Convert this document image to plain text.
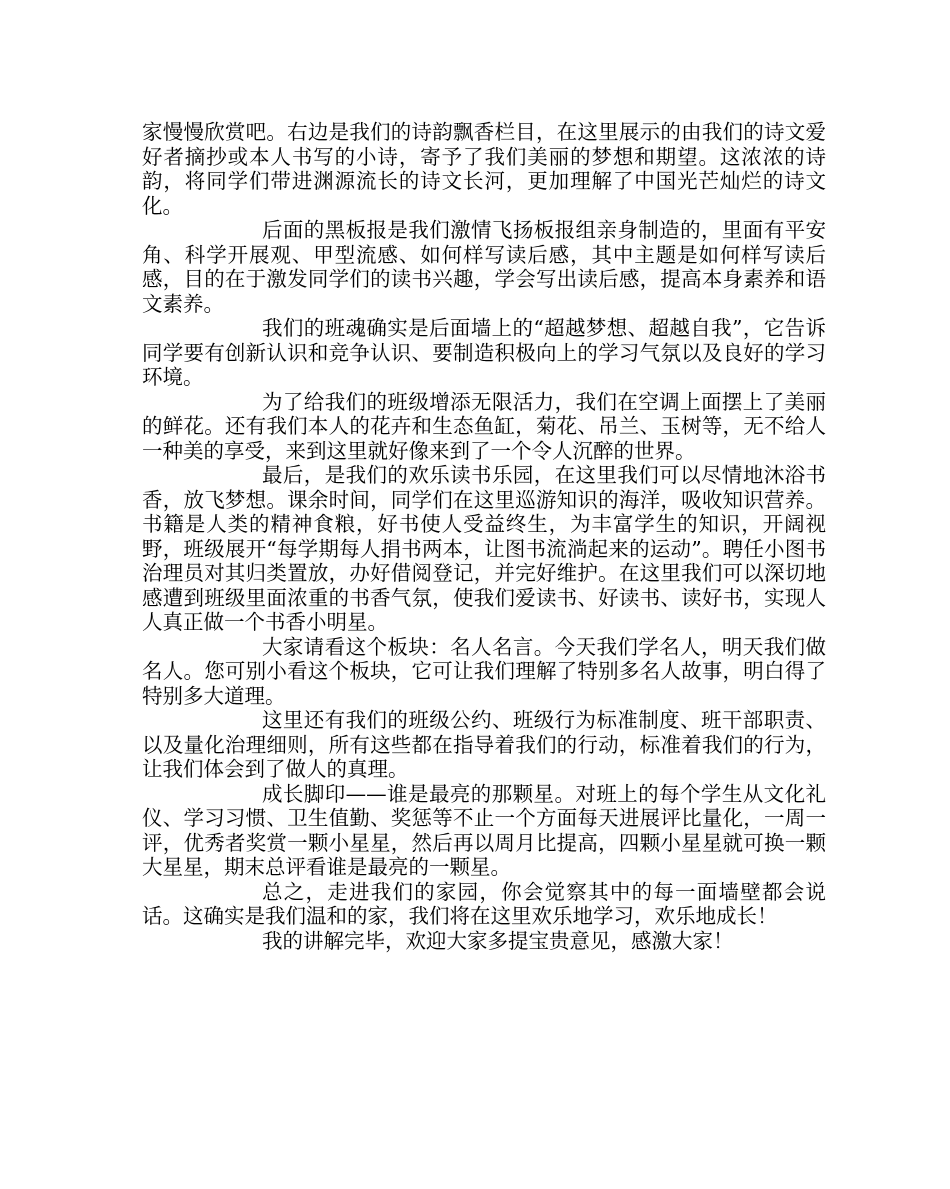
家慢慢欣赏吧。右边是我们的诗韵飘香栏目，在这里展示的由我们的诗文爱好者摘抄或本人书写的小诗，寄予了我们美丽的梦想和期望。这浓浓的诗韵，将同学们带进渊源流长的诗文长河，更加理解了中国光芒灿烂的诗文化。

后面的黑板报是我们激情飞扬板报组亲身制造的，里面有平安角、科学开展观、甲型流感、如何样写读后感，其中主题是如何样写读后感，目的在于激发同学们的读书兴趣，学会写出读后感，提高本身素养和语文素养。

我们的班魂确实是后面墙上的“超越梦想、超越自我”，它告诉同学要有创新认识和竞争认识、要制造积极向上的学习气氛以及良好的学习环境。

为了给我们的班级增添无限活力，我们在空调上面摆上了美丽的鲜花。还有我们本人的花卉和生态鱼缸，菊花、吊兰、玉树等，无不给人一种美的享受，来到这里就好像来到了一个令人沉醉的世界。

最后，是我们的欢乐读书乐园，在这里我们可以尽情地沐浴书香，放飞梦想。课余时间，同学们在这里巡游知识的海洋，吸收知识营养。书籍是人类的精神食粮，好书使人受益终生，为丰富学生的知识，开阔视野，班级展开“每学期每人捐书两本，让图书流淌起来的运动”。聘任小图书治理员对其归类置放，办好借阅登记，并完好维护。在这里我们可以深切地感遭到班级里面浓重的书香气氛，使我们爱读书、好读书、读好书，实现人人真正做一个书香小明星。

大家请看这个板块：名人名言。今天我们学名人，明天我们做名人。您可别小看这个板块，它可让我们理解了特别多名人故事，明白得了特别多大道理。

这里还有我们的班级公约、班级行为标准制度、班干部职责、以及量化治理细则，所有这些都在指导着我们的行动，标准着我们的行为，让我们体会到了做人的真理。

成长脚印——谁是最亮的那颗星。对班上的每个学生从文化礼仪、学习习惯、卫生值勤、奖惩等不止一个方面每天进展评比量化，一周一评，优秀者奖赏一颗小星星，然后再以周月比提高，四颗小星星就可换一颗大星星，期末总评看谁是最亮的一颗星。

总之，走进我们的家园，你会觉察其中的每一面墙壁都会说话。这确实是我们温和的家，我们将在这里欢乐地学习，欢乐地成长！

我的讲解完毕，欢迎大家多提宝贵意见，感激大家！
